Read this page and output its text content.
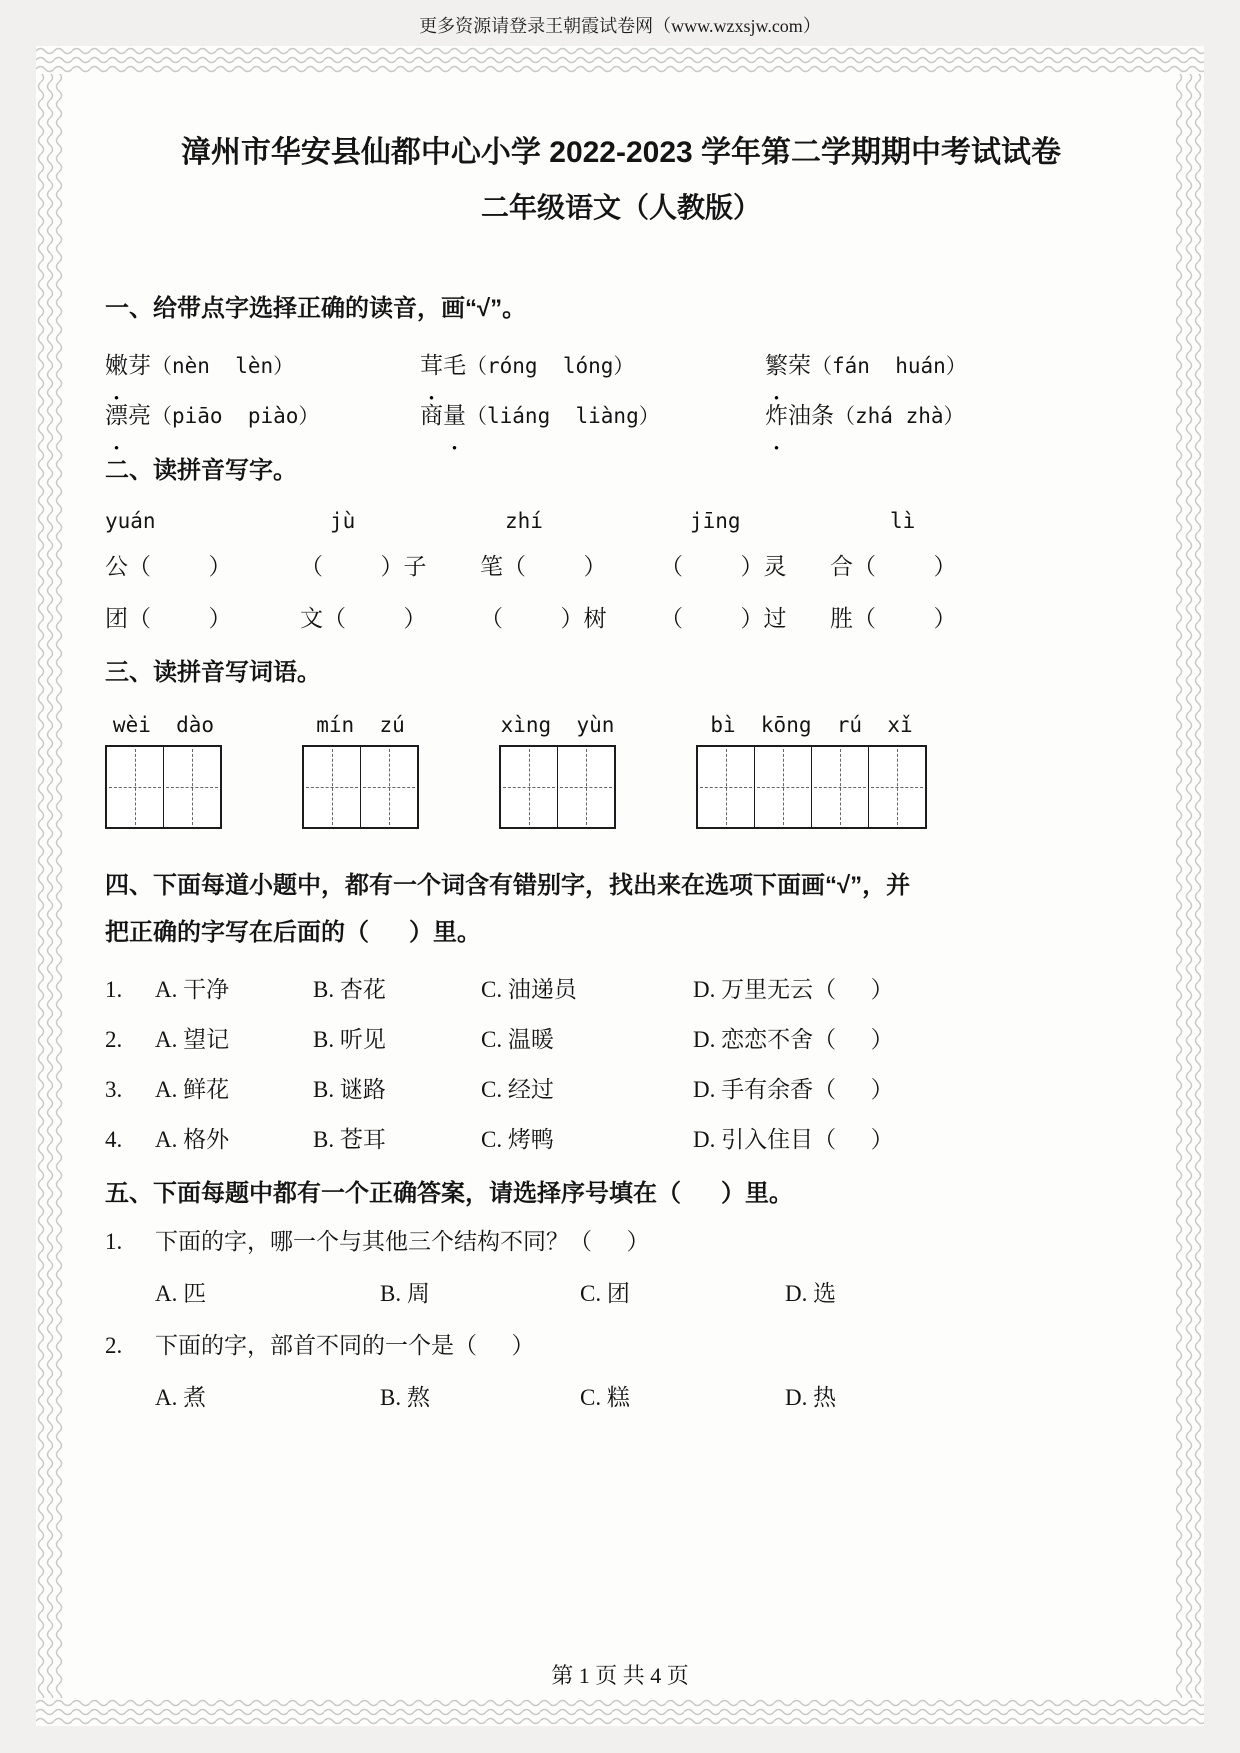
更多资源请登录王朝霞试卷网（www.wzxsjw.com）
漳州市华安县仙都中心小学 2022-2023 学年第二学期期中考试试卷
二年级语文（人教版）
一、给带点字选择正确的读音，画“√”。
嫩芽（nèn  lèn）	茸毛（róng  lóng）	繁荣（fán  huán）
漂亮（piāo  piào）	商量（liáng  liàng）	炸油条（zhá zhà）
二、读拼音写字。
yuán	jù	zhí	jīng	lì
公（          ）	（          ）子	笔（          ）	（          ）灵	合（          ）
团（          ）	文（          ）	（          ）树	（          ）过	胜（          ）
三、读拼音写词语。
wèi  dào	mín  zú	xìng  yùn	bì  kōng  rú  xǐ
四、下面每道小题中，都有一个词含有错别字，找出来在选项下面画“√”，并
把正确的字写在后面的（      ）里。
1.	A. 干净	B. 杏花	C. 油递员	D. 万里无云（      ）
2.	A. 望记	B. 听见	C. 温暖	D. 恋恋不舍（      ）
3.	A. 鲜花	B. 谜路	C. 经过	D. 手有余香（      ）
4.	A. 格外	B. 苍耳	C. 烤鸭	D. 引入住目（      ）
五、下面每题中都有一个正确答案，请选择序号填在（      ）里。
1.	下面的字，哪一个与其他三个结构不同？（      ）
A. 匹	B. 周	C. 团	D. 选
2.	下面的字，部首不同的一个是（      ）
A. 煮	B. 熬	C. 糕	D. 热
第 1 页 共 4 页
